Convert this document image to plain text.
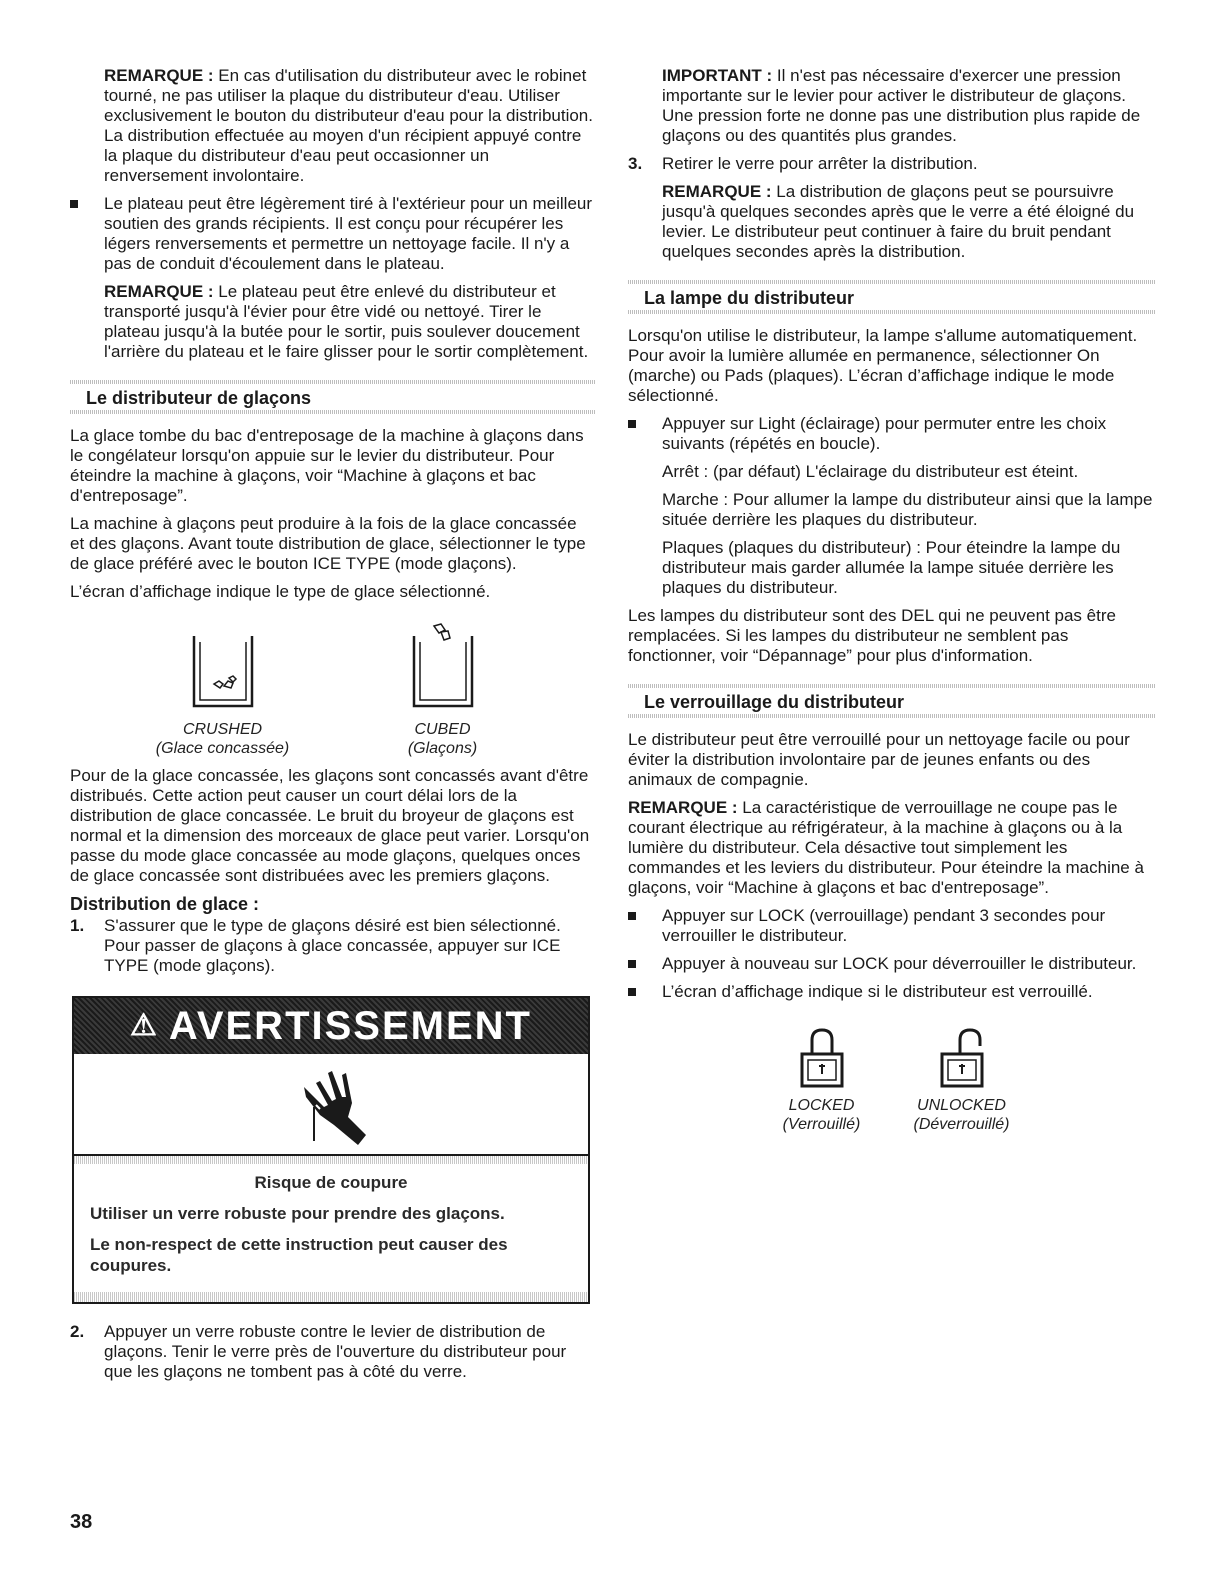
REMARQUE : En cas d'utilisation du distributeur avec le robinet tourné, ne pas utiliser la plaque du distributeur d'eau. Utiliser exclusivement le bouton du distributeur d'eau pour la distribution. La distribution effectuée au moyen d'un récipient appuyé contre la plaque du distributeur d'eau peut occasionner un renversement involontaire.

Le plateau peut être légèrement tiré à l'extérieur pour un meilleur soutien des grands récipients. Il est conçu pour récupérer les légers renversements et permettre un nettoyage facile. Il n'y a pas de conduit d'écoulement dans le plateau.

REMARQUE : Le plateau peut être enlevé du distributeur et transporté jusqu'à l'évier pour être vidé ou nettoyé. Tirer le plateau jusqu'à la butée pour le sortir, puis soulever doucement l'arrière du plateau et le faire glisser pour le sortir complètement.

Le distributeur de glaçons

La glace tombe du bac d'entreposage de la machine à glaçons dans le congélateur lorsqu'on appuie sur le levier du distributeur. Pour éteindre la machine à glaçons, voir “Machine à glaçons et bac d'entreposage”.

La machine à glaçons peut produire à la fois de la glace concassée et des glaçons. Avant toute distribution de glace, sélectionner le type de glace préféré avec le bouton ICE TYPE (mode glaçons).

L’écran d’affichage indique le type de glace sélectionné.

CRUSHED
(Glace concassée)
CUBED
(Glaçons)

Pour de la glace concassée, les glaçons sont concassés avant d'être distribués. Cette action peut causer un court délai lors de la distribution de glace concassée. Le bruit du broyeur de glaçons est normal et la dimension des morceaux de glace peut varier. Lorsqu'on passe du mode glace concassée au mode glaçons, quelques onces de glace concassée sont distribuées avec les premiers glaçons.

Distribution de glace :
1. S'assurer que le type de glaçons désiré est bien sélectionné. Pour passer de glaçons à glace concassée, appuyer sur ICE TYPE (mode glaçons).
⚠ AVERTISSEMENT
Risque de coupure

Utiliser un verre robuste pour prendre des glaçons.

Le non-respect de cette instruction peut causer des coupures.

2. Appuyer un verre robuste contre le levier de distribution de glaçons. Tenir le verre près de l'ouverture du distributeur pour que les glaçons ne tombent pas à côté du verre.

IMPORTANT : Il n'est pas nécessaire d'exercer une pression importante sur le levier pour activer le distributeur de glaçons. Une pression forte ne donne pas une distribution plus rapide de glaçons ou des quantités plus grandes.

3. Retirer le verre pour arrêter la distribution.

REMARQUE : La distribution de glaçons peut se poursuivre jusqu'à quelques secondes après que le verre a été éloigné du levier. Le distributeur peut continuer à faire du bruit pendant quelques secondes après la distribution.

La lampe du distributeur

Lorsqu'on utilise le distributeur, la lampe s'allume automatiquement. Pour avoir la lumière allumée en permanence, sélectionner On (marche) ou Pads (plaques). L’écran d’affichage indique le mode sélectionné.

Appuyer sur Light (éclairage) pour permuter entre les choix suivants (répétés en boucle).

Arrêt : (par défaut) L'éclairage du distributeur est éteint.

Marche : Pour allumer la lampe du distributeur ainsi que la lampe située derrière les plaques du distributeur.

Plaques (plaques du distributeur) : Pour éteindre la lampe du distributeur mais garder allumée la lampe située derrière les plaques du distributeur.

Les lampes du distributeur sont des DEL qui ne peuvent pas être remplacées. Si les lampes du distributeur ne semblent pas fonctionner, voir “Dépannage” pour plus d'information.

Le verrouillage du distributeur

Le distributeur peut être verrouillé pour un nettoyage facile ou pour éviter la distribution involontaire par de jeunes enfants ou des animaux de compagnie.

REMARQUE : La caractéristique de verrouillage ne coupe pas le courant électrique au réfrigérateur, à la machine à glaçons ou à la lumière du distributeur. Cela désactive tout simplement les commandes et les leviers du distributeur. Pour éteindre la machine à glaçons, voir “Machine à glaçons et bac d'entreposage”.

Appuyer sur LOCK (verrouillage) pendant 3 secondes pour verrouiller le distributeur.
Appuyer à nouveau sur LOCK pour déverrouiller le distributeur.
L’écran d’affichage indique si le distributeur est verrouillé.
LOCKED
(Verrouillé)
UNLOCKED
(Déverrouillé)
38
